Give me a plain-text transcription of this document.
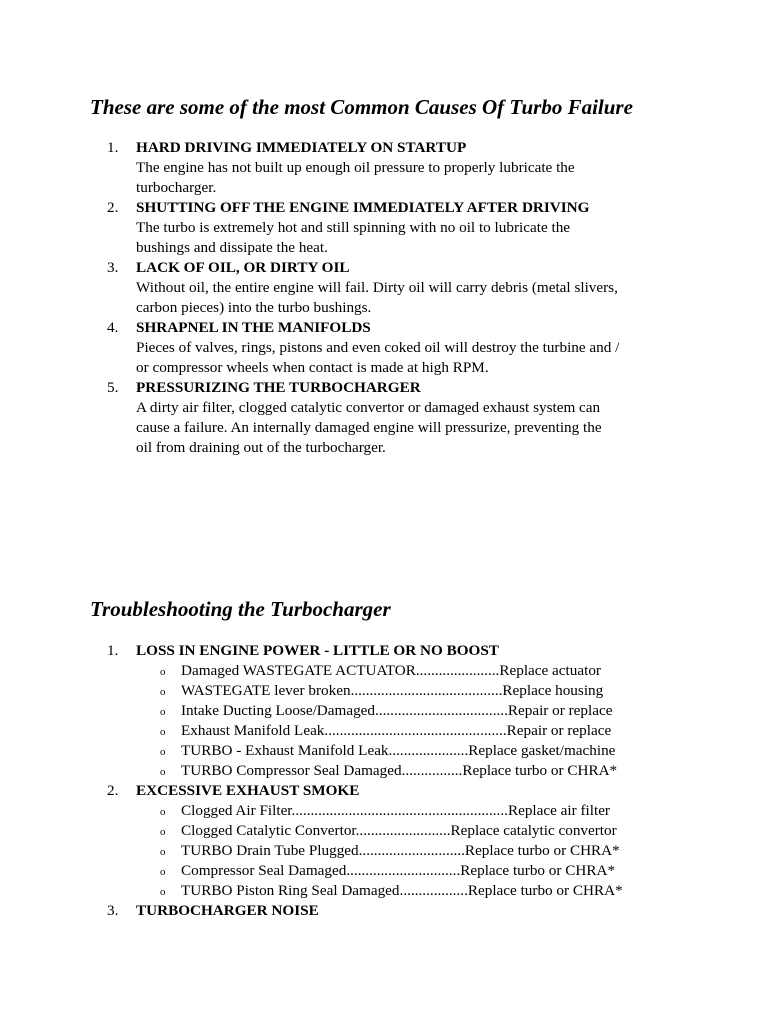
These are some of the most Common Causes Of Turbo Failure
1.	HARD DRIVING IMMEDIATELY ON STARTUP
The engine has not built up enough oil pressure to properly lubricate the
turbocharger.
2.	SHUTTING OFF THE ENGINE IMMEDIATELY AFTER DRIVING
The turbo is extremely hot and still spinning with no oil to lubricate the
bushings and dissipate the heat.
3.	LACK OF OIL, OR DIRTY OIL
Without oil, the entire engine will fail. Dirty oil will carry debris (metal slivers,
carbon pieces) into the turbo bushings.
4.	SHRAPNEL IN THE MANIFOLDS
Pieces of valves, rings, pistons and even coked oil will destroy the turbine and /
or compressor wheels when contact is made at high RPM.
5.	PRESSURIZING THE TURBOCHARGER
A dirty air filter, clogged catalytic convertor or damaged exhaust system can
cause a failure. An internally damaged engine will pressurize, preventing the
oil from draining out of the turbocharger.
Troubleshooting the Turbocharger
1.	LOSS IN ENGINE POWER - LITTLE OR NO BOOST
o Damaged WASTEGATE ACTUATOR......................Replace actuator
o WASTEGATE lever broken........................................Replace housing
o Intake Ducting Loose/Damaged...................................Repair or replace
o Exhaust Manifold Leak................................................Repair or replace
o TURBO - Exhaust Manifold Leak.....................Replace gasket/machine
o TURBO Compressor Seal Damaged................Replace turbo or CHRA*
2.	EXCESSIVE EXHAUST SMOKE
o Clogged Air Filter.........................................................Replace air filter
o Clogged Catalytic Convertor.........................Replace catalytic convertor
o TURBO Drain Tube Plugged............................Replace turbo or CHRA*
o Compressor Seal Damaged..............................Replace turbo or CHRA*
o TURBO Piston Ring Seal Damaged..................Replace turbo or CHRA*
3.	TURBOCHARGER NOISE
